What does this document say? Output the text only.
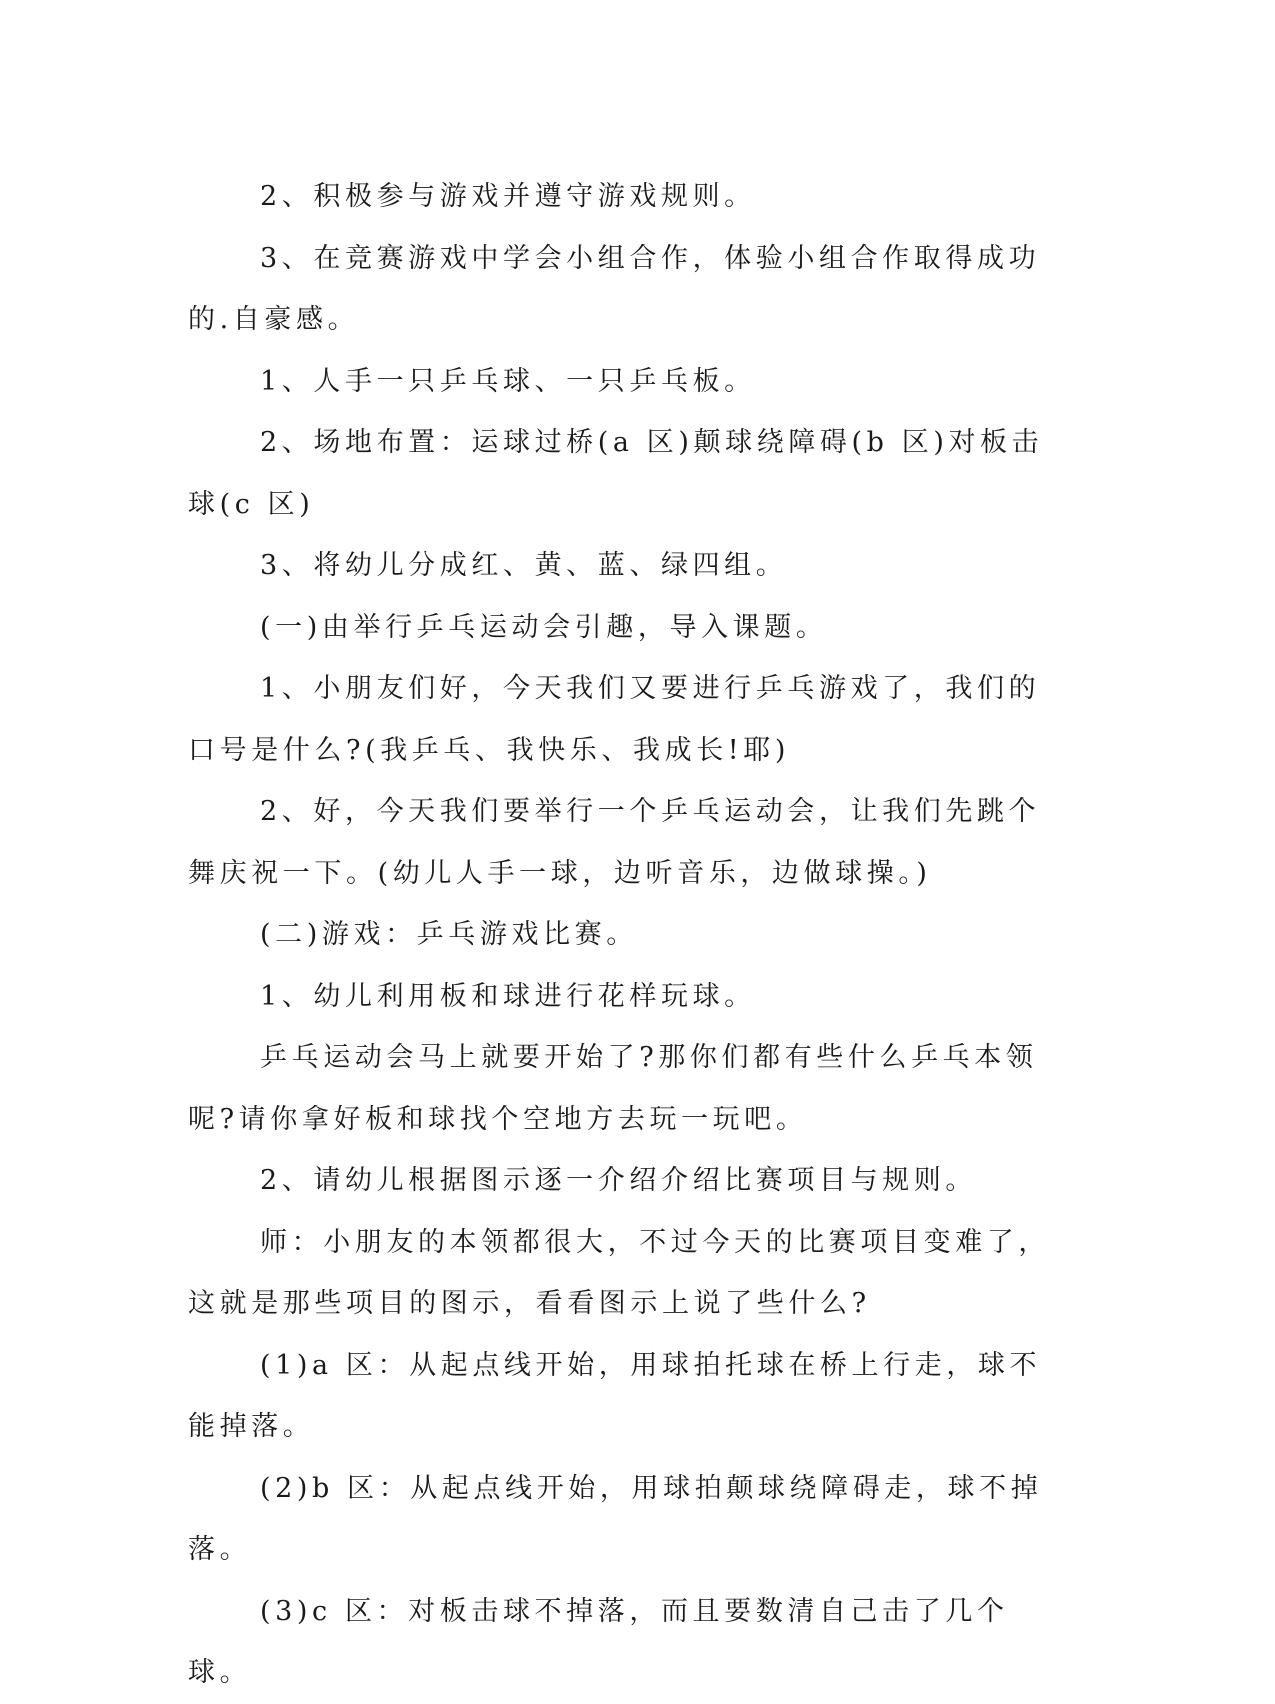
2、积极参与游戏并遵守游戏规则。

3、在竞赛游戏中学会小组合作，体验小组合作取得成功的.自豪感。

1、人手一只乒乓球、一只乒乓板。

2、场地布置：运球过桥(a 区)颠球绕障碍(b 区)对板击球(c 区)

3、将幼儿分成红、黄、蓝、绿四组。

(一)由举行乒乓运动会引趣，导入课题。

1、小朋友们好，今天我们又要进行乒乓游戏了，我们的口号是什么?(我乒乓、我快乐、我成长!耶)

2、好，今天我们要举行一个乒乓运动会，让我们先跳个舞庆祝一下。(幼儿人手一球，边听音乐，边做球操。)

(二)游戏：乒乓游戏比赛。

1、幼儿利用板和球进行花样玩球。

乒乓运动会马上就要开始了?那你们都有些什么乒乓本领呢?请你拿好板和球找个空地方去玩一玩吧。

2、请幼儿根据图示逐一介绍介绍比赛项目与规则。

师：小朋友的本领都很大，不过今天的比赛项目变难了，这就是那些项目的图示，看看图示上说了些什么?

(1)a 区：从起点线开始，用球拍托球在桥上行走，球不能掉落。

(2)b 区：从起点线开始，用球拍颠球绕障碍走，球不掉落。

(3)c 区：对板击球不掉落，而且要数清自己击了几个球。
